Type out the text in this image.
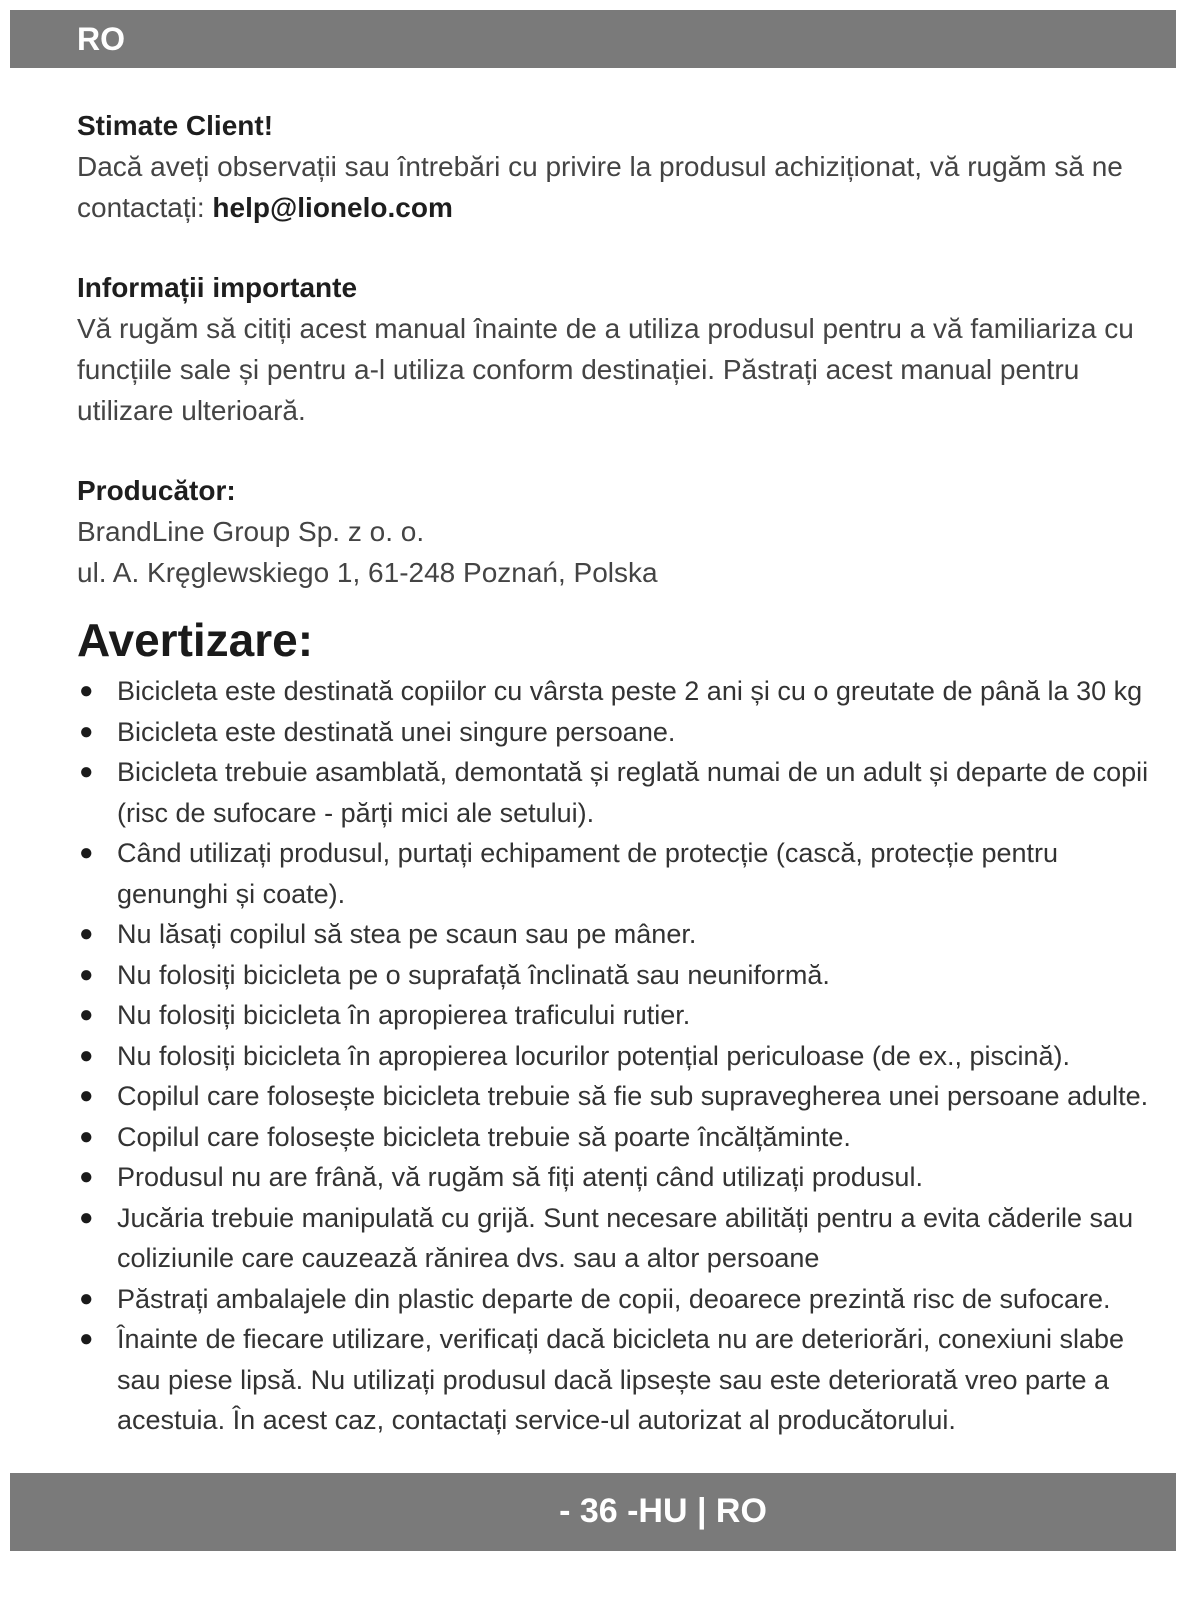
RO

Stimate Client!

Dacă aveți observații sau întrebări cu privire la produsul achiziționat, vă rugăm să ne contactați: help@lionelo.com

Informații importante

Vă rugăm să citiți acest manual înainte de a utiliza produsul pentru a vă familiariza cu funcțiile sale și pentru a-l utiliza conform destinației. Păstrați acest manual pentru utilizare ulterioară.

Producător:

BrandLine Group Sp. z o. o.

ul. A. Kręglewskiego 1, 61-248 Poznań, Polska

Avertizare:
● Bicicleta este destinată copiilor cu vârsta peste 2 ani și cu o greutate de până la 30 kg
● Bicicleta este destinată unei singure persoane.
● Bicicleta trebuie asamblată, demontată și reglată numai de un adult și departe de copii (risc de sufocare - părți mici ale setului).
● Când utilizați produsul, purtați echipament de protecție (cască, protecție pentru genunghi și coate).
● Nu lăsați copilul să stea pe scaun sau pe mâner.
● Nu folosiți bicicleta pe o suprafață înclinată sau neuniformă.
● Nu folosiți bicicleta în apropierea traficului rutier.
● Nu folosiți bicicleta în apropierea locurilor potențial periculoase (de ex., piscină).
● Copilul care folosește bicicleta trebuie să fie sub supravegherea unei persoane adulte.
● Copilul care folosește bicicleta trebuie să poarte încălțăminte.
● Produsul nu are frână, vă rugăm să fiți atenți când utilizați produsul.
● Jucăria trebuie manipulată cu grijă. Sunt necesare abilități pentru a evita căderile sau coliziunile care cauzează rănirea dvs. sau a altor persoane
● Păstrați ambalajele din plastic departe de copii, deoarece prezintă risc de sufocare.
● Înainte de fiecare utilizare, verificați dacă bicicleta nu are deteriorări, conexiuni slabe sau piese lipsă. Nu utilizați produsul dacă lipsește sau este deteriorată vreo parte a acestuia. În acest caz, contactați service-ul autorizat al producătorului.
- 36 -HU | RO
